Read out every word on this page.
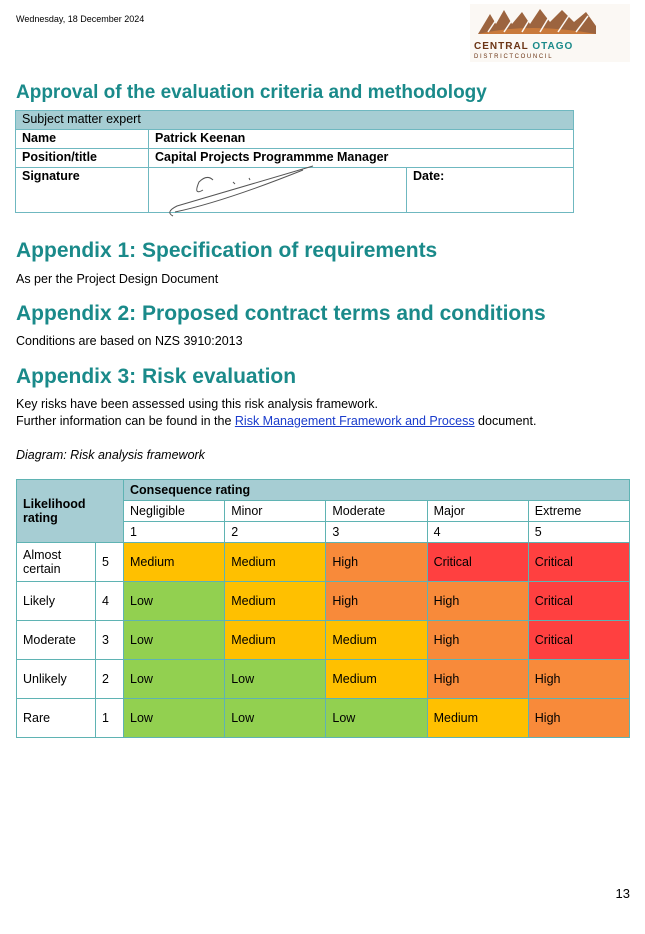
Wednesday, 18 December 2024
CENTRAL OTAGO
D I S T R I C T C O U N C I L
Approval of the evaluation criteria and methodology
Subject matter expert		
Name	Patrick Keenan	
Position/title	Capital Projects Programmme Manager	
Signature		Date:
Appendix 1: Specification of requirements

As per the Project Design Document

Appendix 2: Proposed contract terms and conditions

Conditions are based on NZS 3910:2013

Appendix 3: Risk evaluation

Key risks have been assessed using this risk analysis framework.

Further information can be found in the Risk Management Framework and Process document.

Diagram: Risk analysis framework

Likelihood rating		Consequence rating				
		Negligible	Minor	Moderate	Major	Extreme
		1	2	3	4	5
Almost certain	5	Medium	Medium	High	Critical	Critical
Likely	4	Low	Medium	High	High	Critical
Moderate	3	Low	Medium	Medium	High	Critical
Unlikely	2	Low	Low	Medium	High	High
Rare	1	Low	Low	Low	Medium	High
13
